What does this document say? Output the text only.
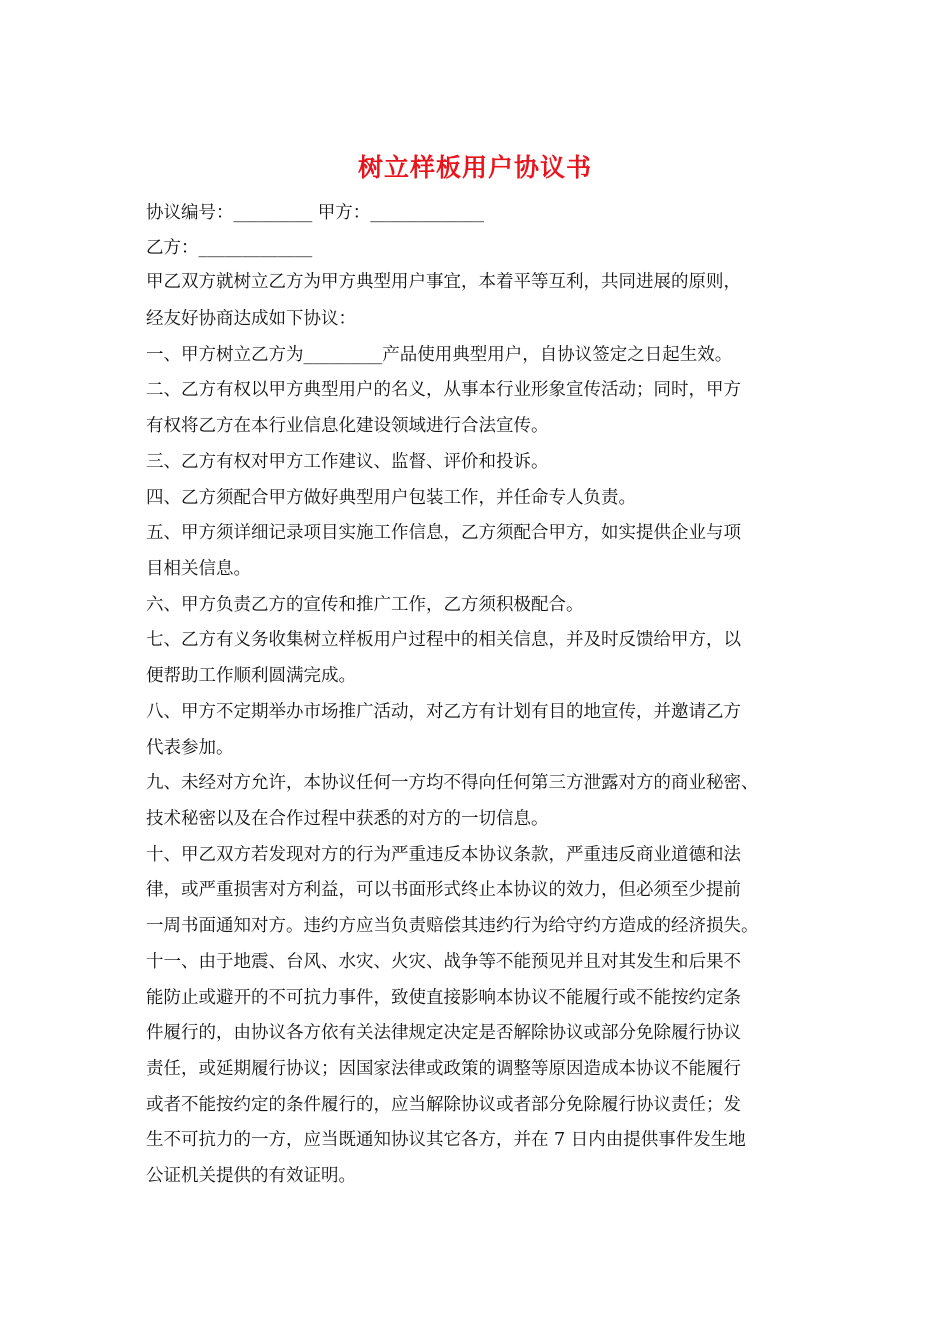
树立样板用户协议书
协议编号：_________ 甲方：_____________
乙方：_____________
甲乙双方就树立乙方为甲方典型用户事宜，本着平等互利，共同进展的原则，
经友好协商达成如下协议：
一、甲方树立乙方为_________产品使用典型用户，自协议签定之日起生效。
二、乙方有权以甲方典型用户的名义，从事本行业形象宣传活动；同时，甲方
有权将乙方在本行业信息化建设领域进行合法宣传。
三、乙方有权对甲方工作建议、监督、评价和投诉。
四、乙方须配合甲方做好典型用户包装工作，并任命专人负责。
五、甲方须详细记录项目实施工作信息，乙方须配合甲方，如实提供企业与项
目相关信息。
六、甲方负责乙方的宣传和推广工作，乙方须积极配合。
七、乙方有义务收集树立样板用户过程中的相关信息，并及时反馈给甲方，以
便帮助工作顺利圆满完成。
八、甲方不定期举办市场推广活动，对乙方有计划有目的地宣传，并邀请乙方
代表参加。
九、未经对方允许，本协议任何一方均不得向任何第三方泄露对方的商业秘密、
技术秘密以及在合作过程中获悉的对方的一切信息。
十、甲乙双方若发现对方的行为严重违反本协议条款，严重违反商业道德和法
律，或严重损害对方利益，可以书面形式终止本协议的效力，但必须至少提前
一周书面通知对方。违约方应当负责赔偿其违约行为给守约方造成的经济损失。
十一、由于地震、台风、水灾、火灾、战争等不能预见并且对其发生和后果不
能防止或避开的不可抗力事件，致使直接影响本协议不能履行或不能按约定条
件履行的，由协议各方依有关法律规定决定是否解除协议或部分免除履行协议
责任，或延期履行协议；因国家法律或政策的调整等原因造成本协议不能履行
或者不能按约定的条件履行的，应当解除协议或者部分免除履行协议责任；发
生不可抗力的一方，应当既通知协议其它各方，并在 7 日内由提供事件发生地
公证机关提供的有效证明。
